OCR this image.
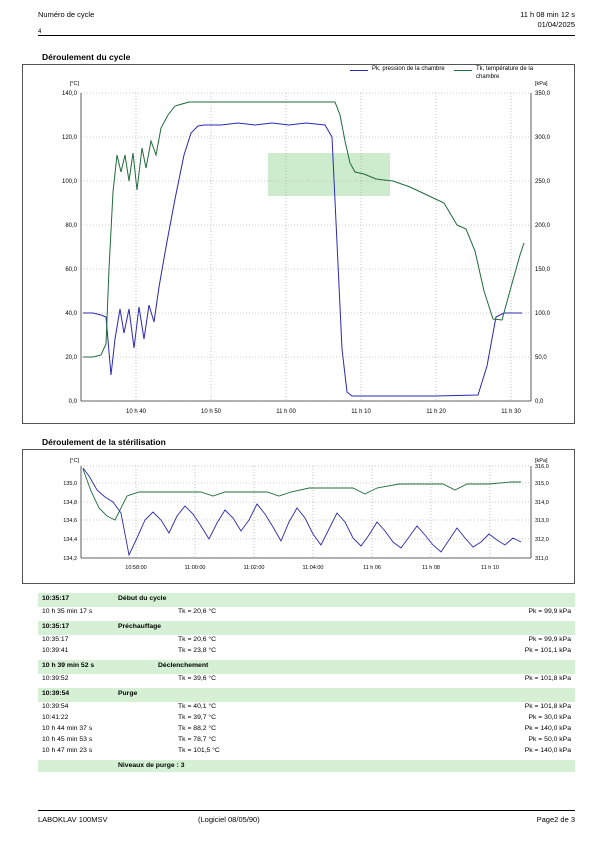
Numéro de cycle
4
11 h 08 min 12 s
01/04/2025
Déroulement du cycle
0,0
20,0
40,0
60,0
80,0
100,0
120,0
140,0
[°C]
0,0
50,0
100,0
150,0
200,0
250,0
300,0
350,0
[kPa]
10 h 40	10 h 50	11 h 00	11 h 10	11 h 20	11 h 30
Pk, pression de la chambre	Tk, température de la chambre
Déroulement de la stérilisation
134,2
134,4
134,6
134,8
135,0
[°C]
311,0
312,0
313,0
314,0
315,0
316,0
[kPa]
10:58:00	11:00:00	11:02:00	11:04:00	11 h 06	11 h 08	11 h 10
10:35:17	Début du cycle
10 h 35 min 17 s	Tk = 20,6 °C	Pk = 99,9 kPa
10:35:17	Préchauffage
10:35:17	Tk = 20,6 °C	Pk = 99,9 kPa
10:39:41	Tk = 23,8 °C	Pk = 101,1 kPa
10 h 39 min 52 s	Déclenchement
10:39:52	Tk = 39,6 °C	Pk = 101,8 kPa
10:39:54	Purge
10:39:54	Tk = 40,1 °C	Pk = 101,8 kPa
10:41:22	Tk = 39,7 °C	Pk = 30,0 kPa
10 h 44 min 37 s	Tk = 88,2 °C	Pk = 140,0 kPa
10 h 45 min 53 s	Tk = 78,7 °C	Pk = 50,0 kPa
10 h 47 min 23 s	Tk = 101,5 °C	Pk = 140,0 kPa
Niveaux de purge : 3
LABOKLAV 100MSV	(Logiciel 08/05/90)	Page2 de 3
